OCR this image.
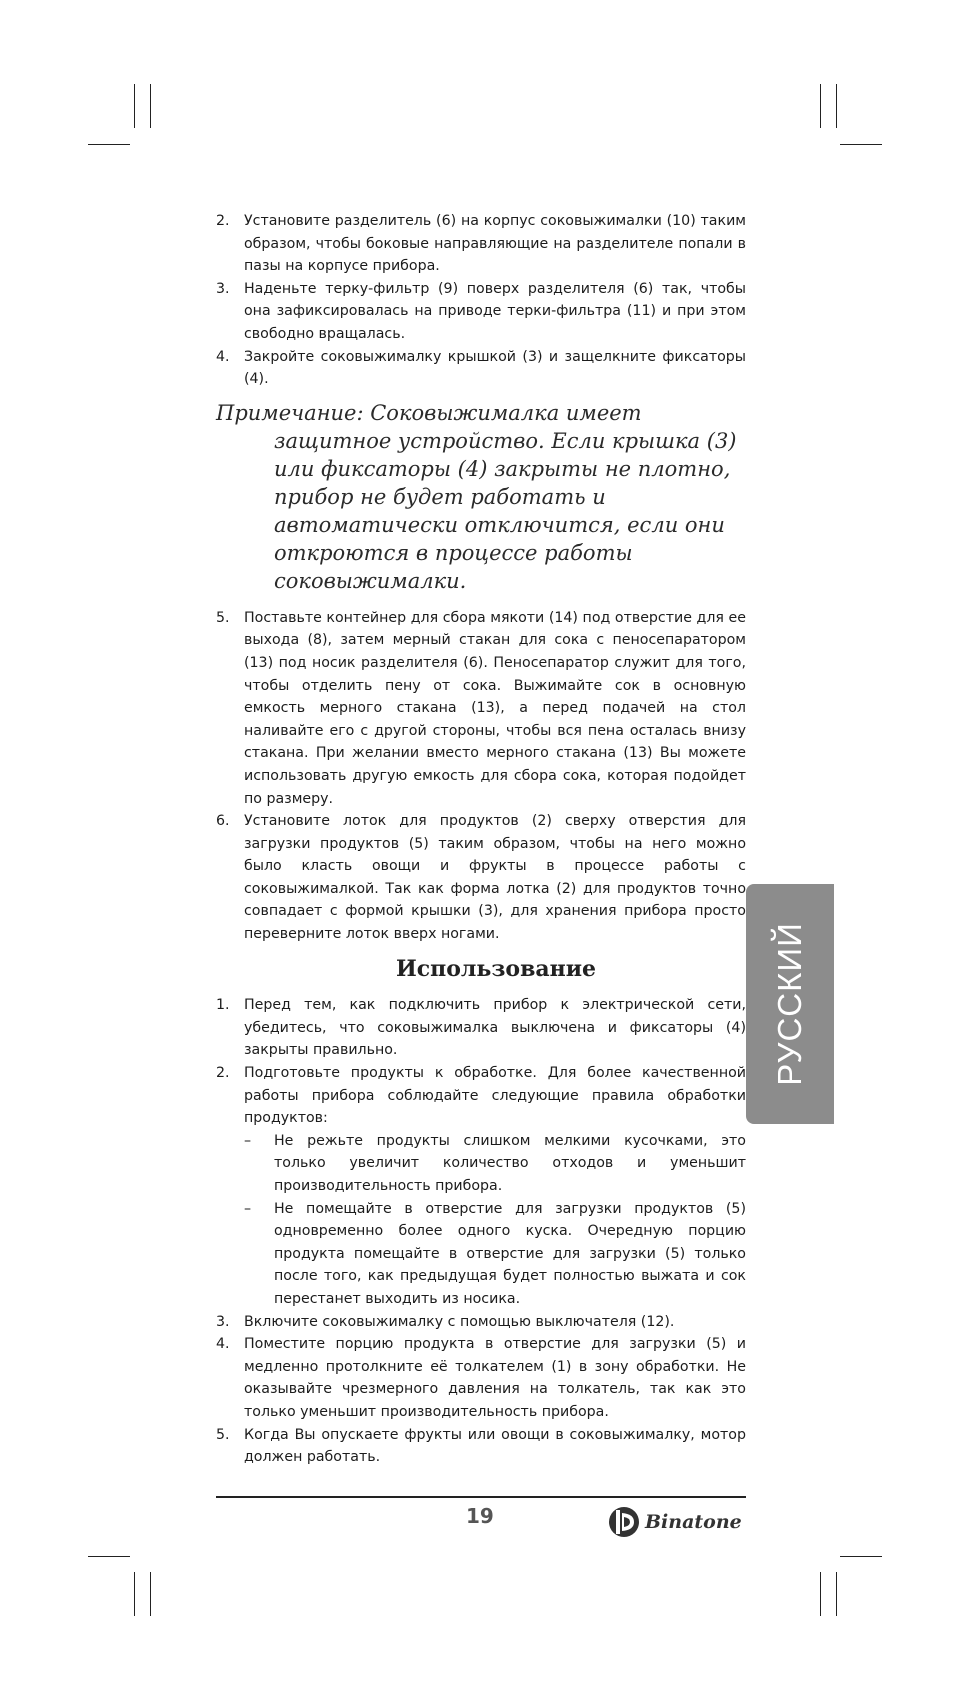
2. Установите разделитель (6) на корпус соковыжималки (10) таким образом, чтобы боковые направляющие на разделителе попали в пазы на корпусе прибора.
3. Наденьте терку-фильтр (9) поверх разделителя (6) так, чтобы она зафиксировалась на приводе терки-фильтра (11) и при этом свободно вращалась.
4. Закройте соковыжималку крышкой (3) и защелкните фиксаторы (4).

Примечание: Соковыжималка имеет защитное устройство. Если крышка (3) или фиксаторы (4) закрыты не плотно, прибор не будет работать и автоматически отключится, если они откроются в процессе работы соковыжималки.

5. Поставьте контейнер для сбора мякоти (14) под отверстие для ее выхода (8), затем мерный стакан для сока с пеносепаратором (13) под носик разделителя (6). Пеносепаратор служит для того, чтобы отделить пену от сока. Выжимайте сок в основную емкость мерного стакана (13), а перед подачей на стол наливайте его с другой стороны, чтобы вся пена осталась внизу стакана. При желании вместо мерного стакана (13) Вы можете использовать другую емкость для сбора сока, которая подойдет по размеру.
6. Установите лоток для продуктов (2) сверху отверстия для загрузки продуктов (5) таким образом, чтобы на него можно было класть овощи и фрукты в процессе работы с соковыжималкой. Так как форма лотка (2) для продуктов точно совпадает с формой крышки (3), для хранения прибора просто переверните лоток вверх ногами.
Использование
1. Перед тем, как подключить прибор к электрической сети, убедитесь, что соковыжималка выключена и фиксаторы (4) закрыты правильно.
2. Подготовьте продукты к обработке. Для более качественной работы прибора соблюдайте следующие правила обработки продуктов:
– Не режьте продукты слишком мелкими кусочками, это только увеличит количество отходов и уменьшит производительность прибора.
– Не помещайте в отверстие для загрузки продуктов (5) одновременно более одного куска. Очередную порцию продукта помещайте в отверстие для загрузки (5) только после того, как предыдущая будет полностью выжата и сок перестанет выходить из носика.
3. Включите соковыжималку с помощью выключателя (12).
4. Поместите порцию продукта в отверстие для загрузки (5) и медленно протолкните её толкателем (1) в зону обработки. Не оказывайте чрезмерного давления на толкатель, так как это только уменьшит производительность прибора.
5. Когда Вы опускаете фрукты или овощи в соковыжималку, мотор должен работать.
РУССКИЙ
19	Binatone
